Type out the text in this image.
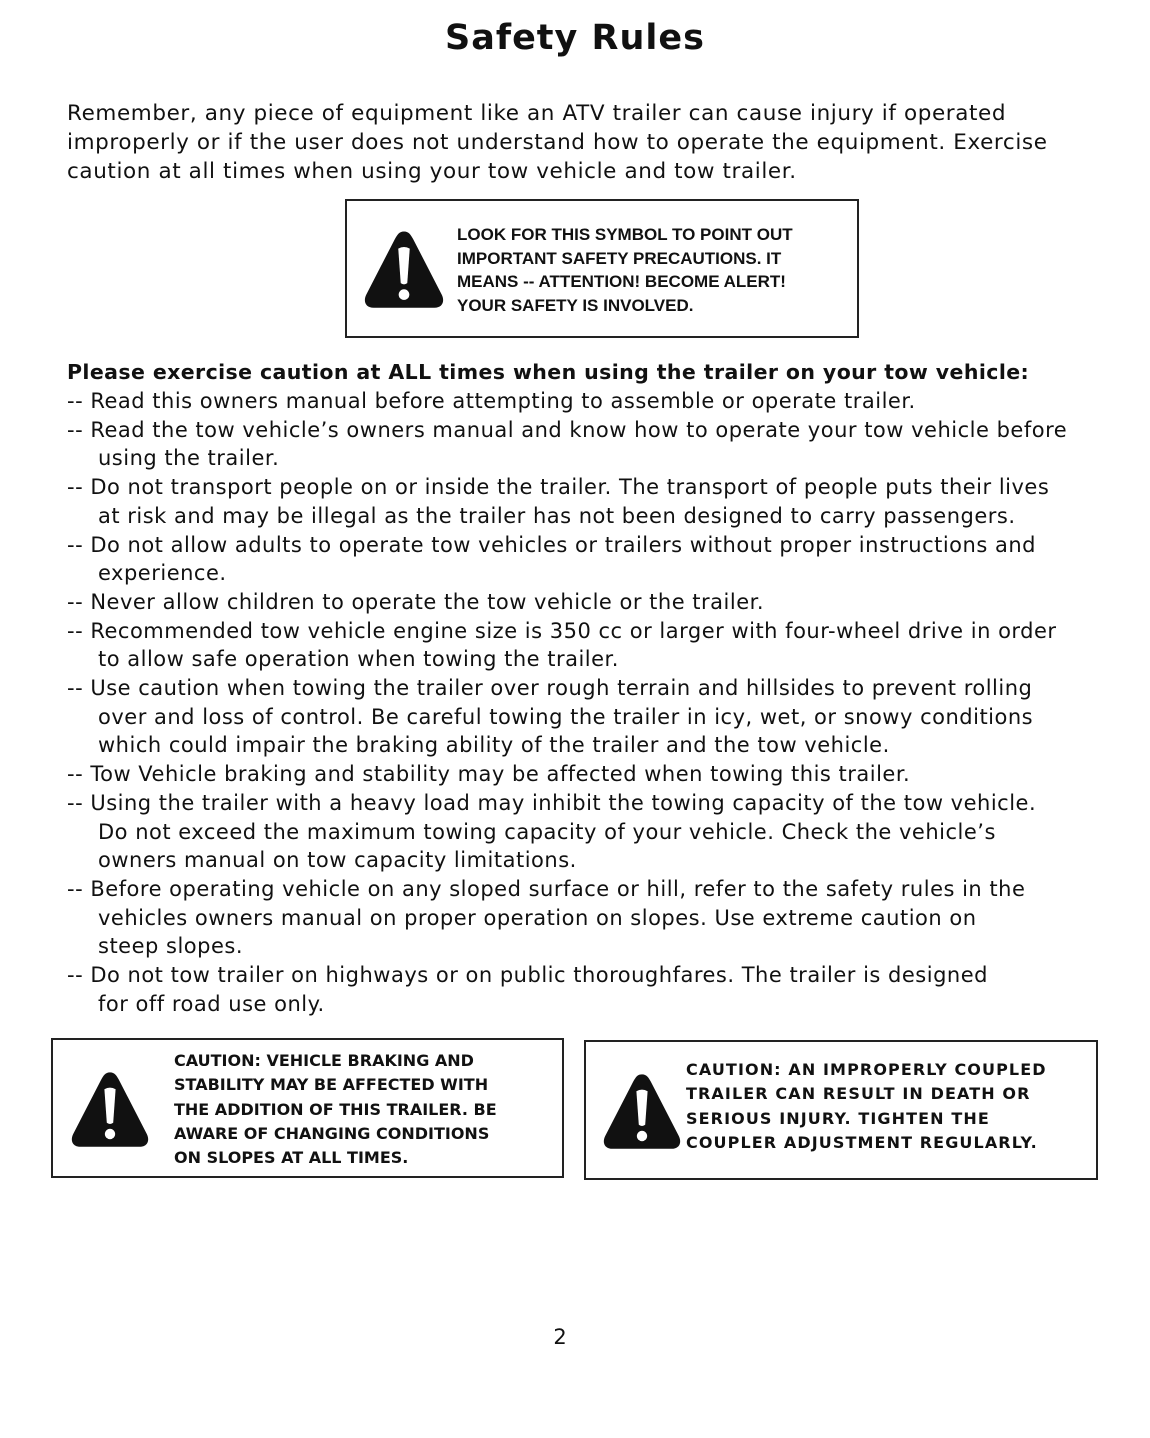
Safety Rules

Remember, any piece of equipment like an ATV trailer can cause injury if operated
improperly or if the user does not understand how to operate the equipment. Exercise
caution at all times when using your tow vehicle and tow trailer.

LOOK FOR THIS SYMBOL TO POINT OUT
IMPORTANT SAFETY PRECAUTIONS. IT
MEANS -- ATTENTION! BECOME ALERT!
YOUR SAFETY IS INVOLVED.

Please exercise caution at ALL times when using the trailer on your tow vehicle:
-- Read this owners manual before attempting to assemble or operate trailer.
-- Read the tow vehicle’s owners manual and know how to operate your tow vehicle before
using the trailer.
-- Do not transport people on or inside the trailer. The transport of people puts their lives
at risk and may be illegal as the trailer has not been designed to carry passengers.
-- Do not allow adults to operate tow vehicles or trailers without proper instructions and
experience.
-- Never allow children to operate the tow vehicle or the trailer.
-- Recommended tow vehicle engine size is 350 cc or larger with four-wheel drive in order
to allow safe operation when towing the trailer.
-- Use caution when towing the trailer over rough terrain and hillsides to prevent rolling
over and loss of control. Be careful towing the trailer in icy, wet, or snowy conditions
which could impair the braking ability of the trailer and the tow vehicle.
-- Tow Vehicle braking and stability may be affected when towing this trailer.
-- Using the trailer with a heavy load may inhibit the towing capacity of the tow vehicle.
Do not exceed the maximum towing capacity of your vehicle. Check the vehicle’s
owners manual on tow capacity limitations.
-- Before operating vehicle on any sloped surface or hill, refer to the safety rules in the
vehicles owners manual on proper operation on slopes. Use extreme caution on
steep slopes.
-- Do not tow trailer on highways or on public thoroughfares. The trailer is designed
for off road use only.

CAUTION: VEHICLE BRAKING AND
STABILITY MAY BE AFFECTED WITH
THE ADDITION OF THIS TRAILER. BE
AWARE OF CHANGING CONDITIONS
ON SLOPES AT ALL TIMES.

CAUTION: AN IMPROPERLY COUPLED
TRAILER CAN RESULT IN DEATH OR
SERIOUS INJURY. TIGHTEN THE
COUPLER ADJUSTMENT REGULARLY.

2
